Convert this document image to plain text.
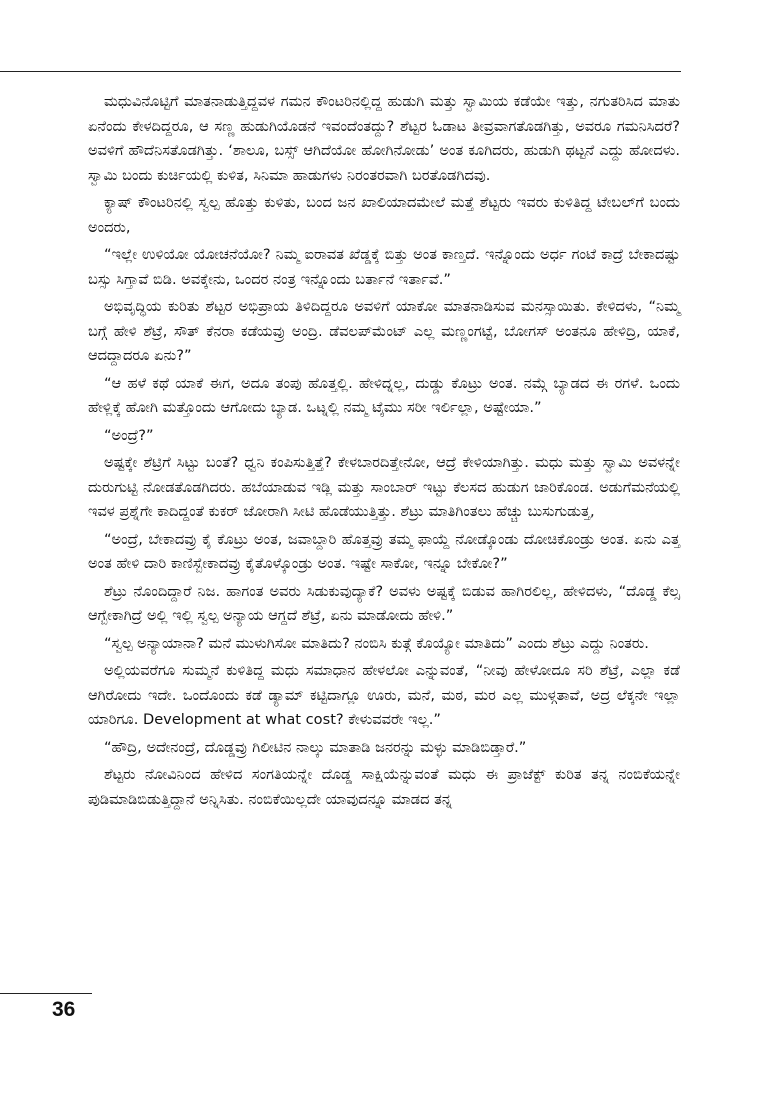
ಮಧುವಿನೊಟ್ಟಿಗೆ ಮಾತನಾಡುತ್ತಿದ್ದವಳ ಗಮನ ಕೌಂಟರಿನಲ್ಲಿದ್ದ ಹುಡುಗಿ ಮತ್ತು ಸ್ವಾಮಿಯ ಕಡೆಯೇ ಇತ್ತು, ನಗುತರಿಸಿದ ಮಾತು ಏನೆಂದು ಕೇಳದಿದ್ದರೂ, ಆ ಸಣ್ಣ ಹುಡುಗಿಯೊಡನೆ ಇವಂದೆಂತದ್ದು? ಶೆಟ್ಟರ ಓಡಾಟ ತೀವ್ರವಾಗತೊಡಗಿತ್ತು, ಅವರೂ ಗಮನಿಸಿದರೆ? ಅವಳಿಗೆ ಹೌದೆನಿಸತೊಡಗಿತ್ತು. ‘ಶಾಲೂ, ಬಸ್ಸ್ ಆಗಿದೆಯೋ ಹೋಗಿನೋಡು’ ಅಂತ ಕೂಗಿದರು, ಹುಡುಗಿ ಥಟ್ಟನೆ ಎದ್ದು ಹೋದಳು. ಸ್ವಾಮಿ ಬಂದು ಕುರ್ಚಿಯಲ್ಲಿ ಕುಳಿತ, ಸಿನಿಮಾ ಹಾಡುಗಳು ನಿರಂತರವಾಗಿ ಬರತೊಡಗಿದವು.

ಕ್ಯಾಷ್ ಕೌಂಟರಿನಲ್ಲಿ ಸ್ವಲ್ಪ ಹೊತ್ತು ಕುಳಿತು, ಬಂದ ಜನ ಖಾಲಿಯಾದಮೇಲೆ ಮತ್ತೆ ಶೆಟ್ಟರು ಇವರು ಕುಳಿತಿದ್ದ ಟೇಬಲ್‌ಗೆ ಬಂದು ಅಂದರು,

“ಇಲ್ಲೇ ಉಳಿಯೋ ಯೋಚನೆಯೋ? ನಿಮ್ಮ ಐರಾವತ ಖೆಡ್ಡಕ್ಕೆ ಬಿತ್ತು ಅಂತ ಕಾಣ್ತದೆ. ಇನ್ನೊಂದು ಅರ್ಧ ಗಂಟೆ ಕಾದ್ರೆ ಬೇಕಾದಷ್ಟು ಬಸ್ಸು ಸಿಗ್ತಾವೆ ಬಿಡಿ. ಅವಕ್ಕೇನು, ಒಂದರ ನಂತ್ರ ಇನ್ನೊಂದು ಬರ್ತಾನೆ ಇರ್ತಾವೆ.”

ಅಭಿವೃದ್ಧಿಯ ಕುರಿತು ಶೆಟ್ಟರ ಅಭಿಪ್ರಾಯ ತಿಳಿದಿದ್ದರೂ ಅವಳಿಗೆ ಯಾಕೋ ಮಾತನಾಡಿಸುವ ಮನಸ್ಸಾಯಿತು. ಕೇಳಿದಳು, “ನಿಮ್ಮ ಬಗ್ಗೆ ಹೇಳಿ ಶೆಟ್ರೆ, ಸೌತ್ ಕೆನರಾ ಕಡೆಯವ್ರು ಅಂದ್ರಿ. ಡೆವಲಪ್‌ಮೆಂಟ್ ಎಲ್ಲ ಮಣ್ಣಂಗಟ್ಟೆ, ಬೋಗಸ್ ಅಂತನೂ ಹೇಳಿದ್ರಿ, ಯಾಕೆ, ಆದದ್ದಾದರೂ ಏನು?”

“ಆ ಹಳೆ ಕಥೆ ಯಾಕೆ ಈಗ, ಅದೂ ತಂಪು ಹೊತ್ತಲ್ಲಿ. ಹೇಳಿದ್ನಲ್ಲ, ದುಡ್ಡು ಕೊಟ್ರು ಅಂತ. ನಮ್ಗೆ ಬ್ಯಾಡದ ಈ ರಗಳೆ. ಒಂದು ಹೇಳ್ಲಿಕ್ಕೆ ಹೋಗಿ ಮತ್ತೊಂದು ಆಗೋದು ಬ್ಯಾಡ. ಒಟ್ನಲ್ಲಿ ನಮ್ಮ ಟೈಮು ಸರೀ ಇರ್ಲಿಲ್ಲಾ, ಅಷ್ಟೇಯಾ.”

“ಅಂದ್ರೆ?”

ಅಷ್ಟಕ್ಕೇ ಶೆಟ್ರಿಗೆ ಸಿಟ್ಟು ಬಂತೆ? ಧ್ವನಿ ಕಂಪಿಸುತ್ತಿತ್ತೆ? ಕೇಳಬಾರದಿತ್ತೇನೋ, ಆದ್ರೆ ಕೇಳಿಯಾಗಿತ್ತು. ಮಧು ಮತ್ತು ಸ್ವಾಮಿ ಅವಳನ್ನೇ ದುರುಗುಟ್ಟಿ ನೋಡತೊಡಗಿದರು. ಹಬೆಯಾಡುವ ಇಡ್ಲಿ ಮತ್ತು ಸಾಂಬಾರ್ ಇಟ್ಟು ಕೆಲಸದ ಹುಡುಗ ಜಾರಿಕೊಂಡ. ಅಡುಗೆಮನೆಯಲ್ಲಿ ಇವಳ ಪ್ರಶ್ನೆಗೇ ಕಾದಿದ್ದಂತೆ ಕುಕರ್ ಜೋರಾಗಿ ಸೀಟಿ ಹೊಡೆಯುತ್ತಿತ್ತು. ಶೆಟ್ರು ಮಾತಿಗಿಂತಲು ಹೆಚ್ಚು ಬುಸುಗುಡುತ್ತ,

“ಅಂದ್ರೆ, ಬೇಕಾದವ್ರು ಕೈ ಕೊಟ್ರು ಅಂತ, ಜವಾಬ್ದಾರಿ ಹೊತ್ತವ್ರು ತಮ್ಮ ಫಾಯ್ದೆ ನೋಡ್ಕೊಂಡು ದೋಚಿಕೊಂಡ್ರು ಅಂತ. ಏನು ಎತ್ತ ಅಂತ ಹೇಳಿ ದಾರಿ ಕಾಣಿಸ್ಬೇಕಾದವ್ರು ಕೈತೊಳ್ಕೊಂಡ್ರು ಅಂತ. ಇಷ್ಟೇ ಸಾಕೋ, ಇನ್ನೂ ಬೇಕೋ?”

ಶೆಟ್ರು ನೊಂದಿದ್ದಾರೆ ನಿಜ. ಹಾಗಂತ ಅವರು ಸಿಡುಕುವುದ್ಯಾಕೆ? ಅವಳು ಅಷ್ಟಕ್ಕೆ ಬಿಡುವ ಹಾಗಿರಲಿಲ್ಲ, ಹೇಳಿದಳು, “ದೊಡ್ಡ ಕೆಲ್ಸ ಆಗ್ಬೇಕಾಗಿದ್ರೆ ಅಲ್ಲಿ ಇಲ್ಲಿ ಸ್ವಲ್ಪ ಅನ್ಯಾಯ ಆಗ್ದದೆ ಶೆಟ್ರೆ, ಏನು ಮಾಡೋದು ಹೇಳಿ.”

“ಸ್ವಲ್ಪ ಅನ್ಯಾಯಾನಾ? ಮನೆ ಮುಳುಗಿಸೋ ಮಾತಿದು? ನಂಬಿಸಿ ಕುತ್ಗೆ ಕೊಯ್ಯೋ ಮಾತಿದು” ಎಂದು ಶೆಟ್ರು ಎದ್ದು ನಿಂತರು.

ಅಲ್ಲಿಯವರೆಗೂ ಸುಮ್ಮನೆ ಕುಳಿತಿದ್ದ ಮಧು ಸಮಾಧಾನ ಹೇಳಲೋ ಎನ್ನುವಂತೆ, “ನೀವು ಹೇಳೋದೂ ಸರಿ ಶೆಟ್ರೆ, ಎಲ್ಲಾ ಕಡೆ ಆಗಿರೋದು ಇದೇ. ಒಂದೊಂದು ಕಡೆ ಡ್ಯಾಮ್ ಕಟ್ಟಿದಾಗ್ಲೂ ಊರು, ಮನೆ, ಮಠ, ಮರ ಎಲ್ಲ ಮುಳ್ಗತಾವೆ, ಅದ್ರ ಲೆಕ್ಕನೇ ಇಲ್ಲಾ ಯಾರಿಗೂ. Development at what cost? ಕೇಳುವವರೇ ಇಲ್ಲ.”

“ಹೌದ್ರಿ, ಅದೇನಂದ್ರೆ, ದೊಡ್ಡವ್ರು ಗಿಲೀಟಿನ ನಾಲ್ಕು ಮಾತಾಡಿ ಜನರನ್ನು ಮಳ್ಳು ಮಾಡಿಬಿಡ್ತಾರೆ.”

ಶೆಟ್ಟರು ನೋವಿನಿಂದ ಹೇಳಿದ ಸಂಗತಿಯನ್ನೇ ದೊಡ್ಡ ಸಾಕ್ಷಿಯೆನ್ನುವಂತೆ ಮಧು ಈ ಪ್ರಾಜೆಕ್ಟ್ ಕುರಿತ ತನ್ನ ನಂಬಿಕೆಯನ್ನೇ ಪುಡಿಮಾಡಿಬಿಡುತ್ತಿದ್ದಾನೆ ಅನ್ನಿಸಿತು. ನಂಬಿಕೆಯಿಲ್ಲದೇ ಯಾವುದನ್ನೂ ಮಾಡದ ತನ್ನ

36
